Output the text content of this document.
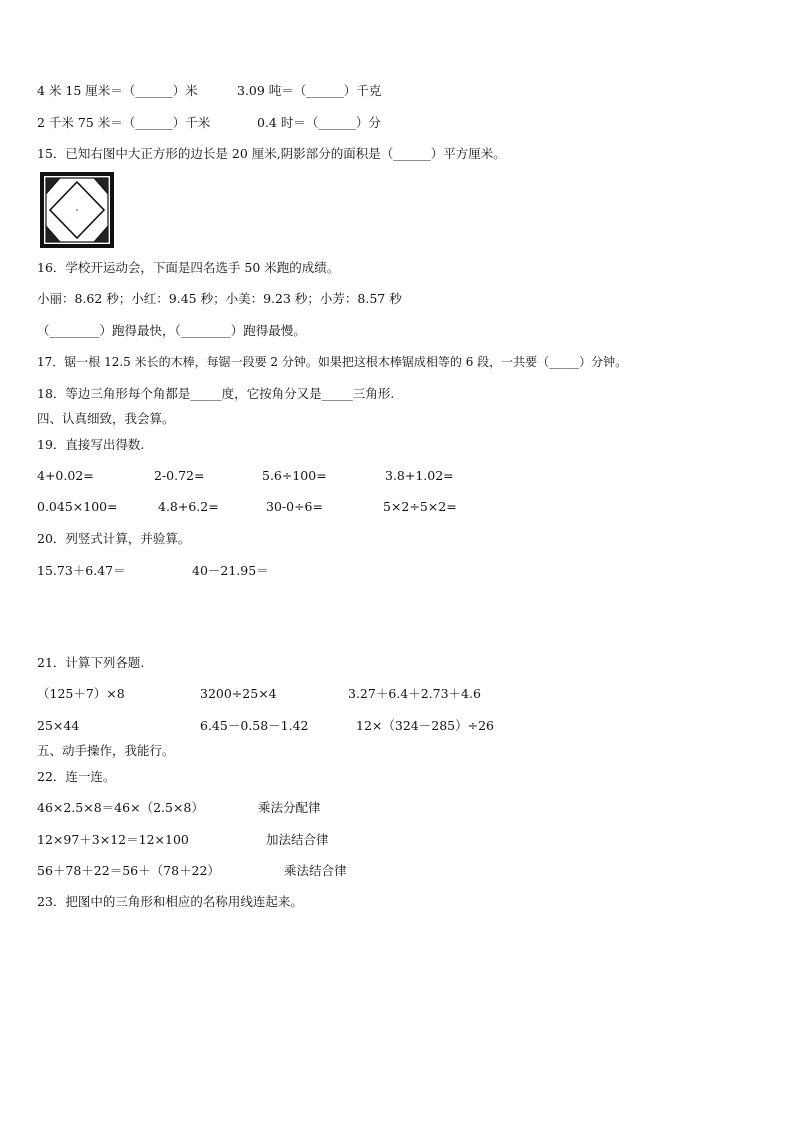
4 米 15 厘米＝（______）米	3.09 吨＝（______）千克
2 千米 75 米＝（______）千米	0.4 时＝（______）分
15．已知右图中大正方形的边长是 20 厘米,阴影部分的面积是（______）平方厘米。
16．学校开运动会，下面是四名选手 50 米跑的成绩。
小丽：8.62 秒；小红：9.45 秒；小美：9.23 秒；小芳：8.57 秒
（________）跑得最快，（________）跑得最慢。
17．锯一根 12.5 米长的木棒，每锯一段要 2 分钟。如果把这根木棒锯成相等的 6 段，一共要（_____）分钟。
18．等边三角形每个角都是_____度，它按角分又是_____三角形.
四、认真细致，我会算。
19．直接写出得数.
4+0.02=	2-0.72=	5.6÷100=	3.8+1.02=
0.045×100=	4.8+6.2=	30-0÷6=	5×2÷5×2=
20．列竖式计算，并验算。
15.73＋6.47＝	40－21.95＝
21．计算下列各题.
（125＋7）×8	3200÷25×4	3.27＋6.4＋2.73＋4.6
25×44	6.45－0.58－1.42	12×（324－285）÷26
五、动手操作，我能行。
22．连一连。
46×2.5×8＝46×（2.5×8）	乘法分配律
12×97＋3×12＝12×100	加法结合律
56＋78＋22＝56＋（78＋22）	乘法结合律
23．把图中的三角形和相应的名称用线连起来。
